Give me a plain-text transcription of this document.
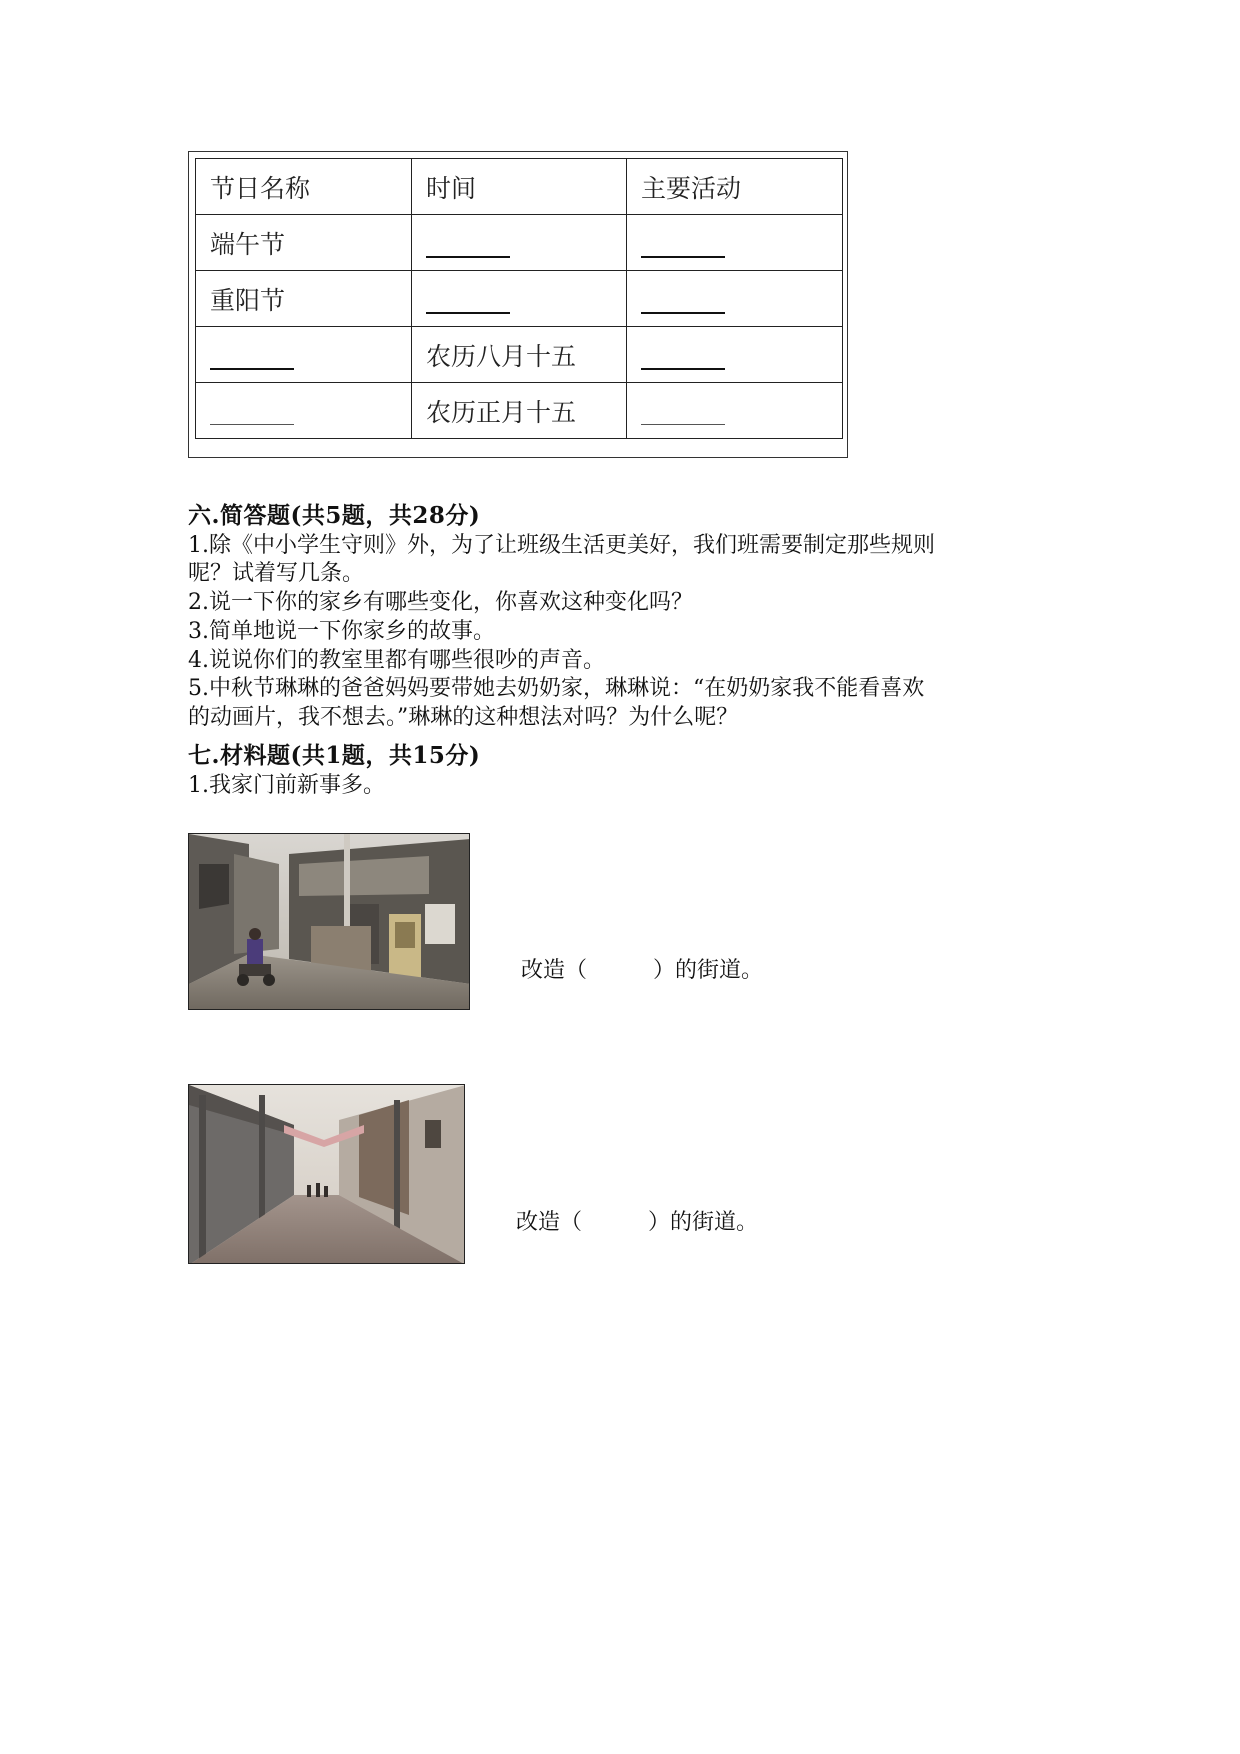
节日名称	时间	主要活动
端午节		
重阳节		
	农历八月十五	
	农历正月十五	
六.简答题(共5题，共28分)
1.除《中小学生守则》外，为了让班级生活更美好，我们班需要制定那些规则
呢？试着写几条。
2.说一下你的家乡有哪些变化，你喜欢这种变化吗？
3.简单地说一下你家乡的故事。
4.说说你们的教室里都有哪些很吵的声音。
5.中秋节琳琳的爸爸妈妈要带她去奶奶家，琳琳说：“在奶奶家我不能看喜欢
的动画片，我不想去。”琳琳的这种想法对吗？为什么呢？
七.材料题(共1题，共15分)
1.我家门前新事多。
改造（　　　）的街道。
改造（　　　）的街道。
